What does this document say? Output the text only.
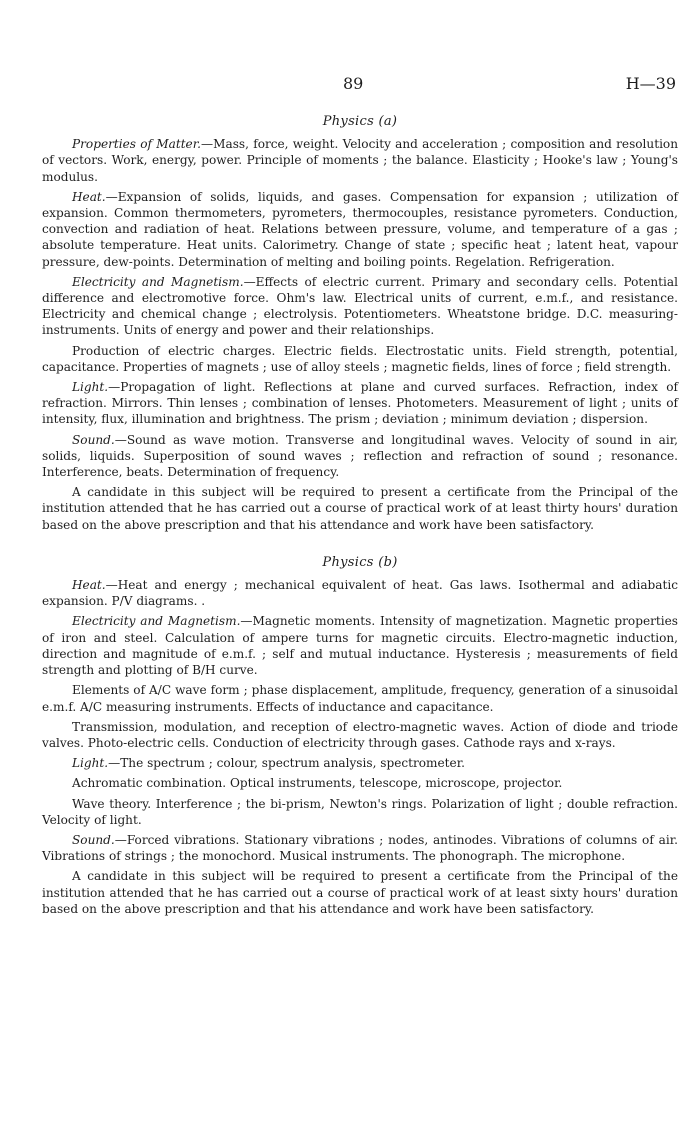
89	H—39
Physics (a)

Properties of Matter.—Mass, force, weight. Velocity and acceleration ; composition and resolution of vectors. Work, energy, power. Principle of moments ; the balance. Elasticity ; Hooke's law ; Young's modulus.

Heat.—Expansion of solids, liquids, and gases. Compensation for expansion ; utilization of expansion. Common thermometers, pyrometers, thermocouples, resistance pyrometers. Conduction, convection and radiation of heat. Relations between pressure, volume, and temperature of a gas ; absolute temperature. Heat units. Calorimetry. Change of state ; specific heat ; latent heat, vapour pressure, dew-points. Determination of melting and boiling points. Regelation. Refrigeration.

Electricity and Magnetism.—Effects of electric current. Primary and secondary cells. Potential difference and electromotive force. Ohm's law. Electrical units of current, e.m.f., and resistance. Electricity and chemical change ; electrolysis. Potentiometers. Wheatstone bridge. D.C. measuring-instruments. Units of energy and power and their relationships.

Production of electric charges. Electric fields. Electrostatic units. Field strength, potential, capacitance. Properties of magnets ; use of alloy steels ; magnetic fields, lines of force ; field strength.

Light.—Propagation of light. Reflections at plane and curved surfaces. Refraction, index of refraction. Mirrors. Thin lenses ; combination of lenses. Photometers. Measurement of light ; units of intensity, flux, illumination and brightness. The prism ; deviation ; minimum deviation ; dispersion.

Sound.—Sound as wave motion. Transverse and longitudinal waves. Velocity of sound in air, solids, liquids. Superposition of sound waves ; reflection and refraction of sound ; resonance. Interference, beats. Determination of frequency.

A candidate in this subject will be required to present a certificate from the Principal of the institution attended that he has carried out a course of practical work of at least thirty hours' duration based on the above prescription and that his attendance and work have been satisfactory.

Physics (b)

Heat.—Heat and energy ; mechanical equivalent of heat. Gas laws. Isothermal and adiabatic expansion. P/V diagrams. .

Electricity and Magnetism.—Magnetic moments. Intensity of magnetization. Magnetic properties of iron and steel. Calculation of ampere turns for magnetic circuits. Electro-magnetic induction, direction and magnitude of e.m.f. ; self and mutual inductance. Hysteresis ; measurements of field strength and plotting of B/H curve.

Elements of A/C wave form ; phase displacement, amplitude, frequency, generation of a sinusoidal e.m.f. A/C measuring instruments. Effects of inductance and capacitance.

Transmission, modulation, and reception of electro-magnetic waves. Action of diode and triode valves. Photo-electric cells. Conduction of electricity through gases. Cathode rays and x-rays.

Light.—The spectrum ; colour, spectrum analysis, spectrometer.

Achromatic combination. Optical instruments, telescope, microscope, projector.

Wave theory. Interference ; the bi-prism, Newton's rings. Polarization of light ; double refraction. Velocity of light.

Sound.—Forced vibrations. Stationary vibrations ; nodes, antinodes. Vibrations of columns of air. Vibrations of strings ; the monochord. Musical instruments. The phonograph. The microphone.

A candidate in this subject will be required to present a certificate from the Principal of the institution attended that he has carried out a course of practical work of at least sixty hours' duration based on the above prescription and that his attendance and work have been satisfactory.
